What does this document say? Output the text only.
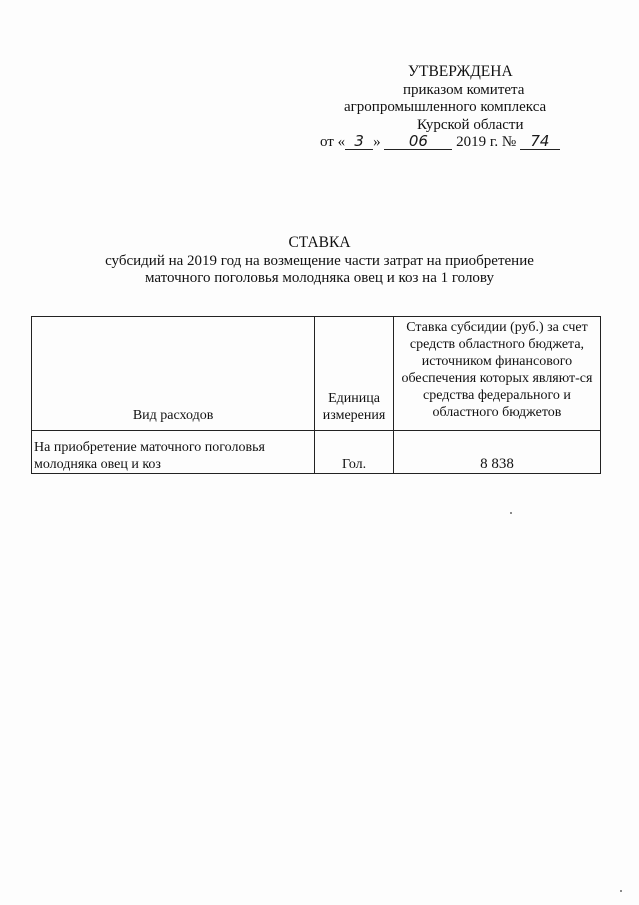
УТВЕРЖДЕНА
приказом комитета
агропромышленного комплекса
Курской области
от « 3 » 06 2019 г. № 74
СТАВКА
субсидий на 2019 год на возмещение части затрат на приобретение
маточного поголовья молодняка овец и коз на 1 голову
Вид расходов	Единица измерения	Ставка субсидии (руб.) за счет средств областного бюджета, источником финансового обеспечения которых являют-ся средства федерального и областного бюджетов
На приобретение маточного поголовья молодняка овец и коз	Гол.	8 838
